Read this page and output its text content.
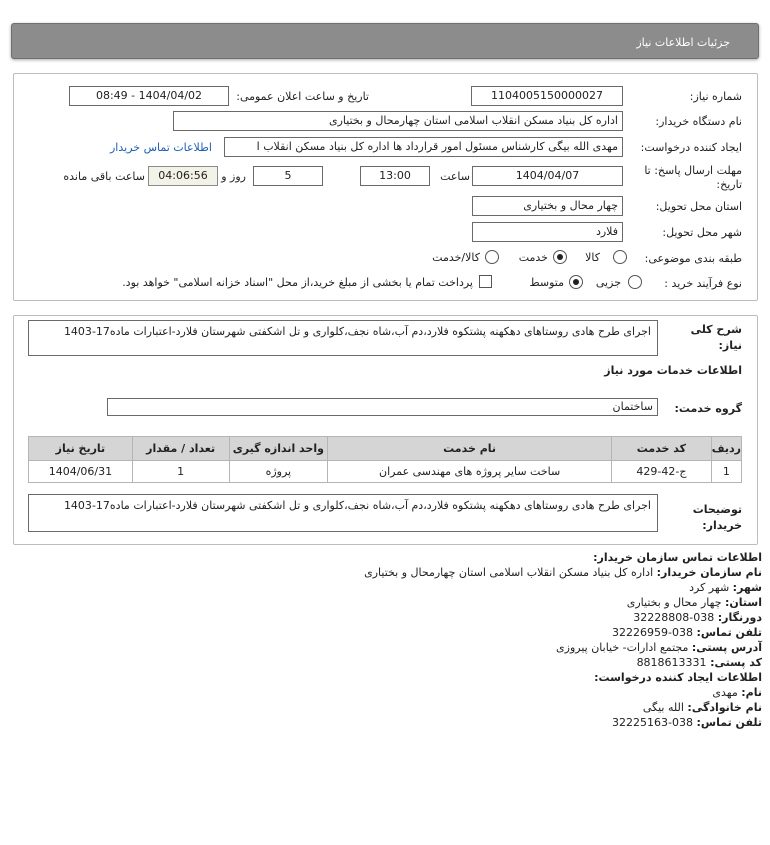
جزئیات اطلاعات نیاز
شماره نیاز:
1104005150000027
تاریخ و ساعت اعلان عمومی:
1404/04/02 - 08:49
نام دستگاه خریدار:
اداره کل بنیاد مسکن انقلاب اسلامی استان چهارمحال و بختیاری
ایجاد کننده درخواست:
مهدی الله بیگی کارشناس مسئول امور قرارداد ها اداره کل بنیاد مسکن انقلاب ا
اطلاعات تماس خریدار
مهلت ارسال پاسخ: تا
تاریخ:
1404/04/07
ساعت
13:00
5
روز و
04:06:56
ساعت باقی مانده
استان محل تحویل:
چهار محال و بختیاری
شهر محل تحویل:
فلارد
طبقه بندی موضوعی:
کالا
خدمت
کالا/خدمت
نوع فرآیند خرید :
جزیی
متوسط
پرداخت تمام یا بخشی از مبلغ خرید،از محل "اسناد خزانه اسلامی" خواهد بود.
شرح کلی نیاز:
اجرای طرح هادی روستاهای دهکهنه پشتکوه فلارد،دم آب،شاه نجف،کلواری و تل اشکفتی شهرستان فلارد-اعتبارات ماده17-1403
اطلاعات خدمات مورد نیاز
گروه خدمت:
ساختمان
ردیف	کد خدمت	نام خدمت	واحد اندازه گیری	تعداد / مقدار	تاریخ نیاز
1	ج-42-429	ساخت سایر پروژه های مهندسی عمران	پروژه	1	1404/06/31
توضیحات خریدار:
اجرای طرح هادی روستاهای دهکهنه پشتکوه فلارد،دم آب،شاه نجف،کلواری و تل اشکفتی شهرستان فلارد-اعتبارات ماده17-1403
اطلاعات تماس سازمان خریدار:
نام سازمان خریدار: اداره کل بنیاد مسکن انقلاب اسلامی استان چهارمحال و بختیاری
شهر: شهر کرد
استان: چهار محال و بختیاری
دورنگار: 038-32228808
تلفن تماس: 038-32226959
آدرس پستی: مجتمع ادارات- خیابان پیروزی
کد پستی: 8818613331
اطلاعات ایجاد کننده درخواست:
نام: مهدی
نام خانوادگی: الله بیگی
تلفن تماس: 038-32225163
